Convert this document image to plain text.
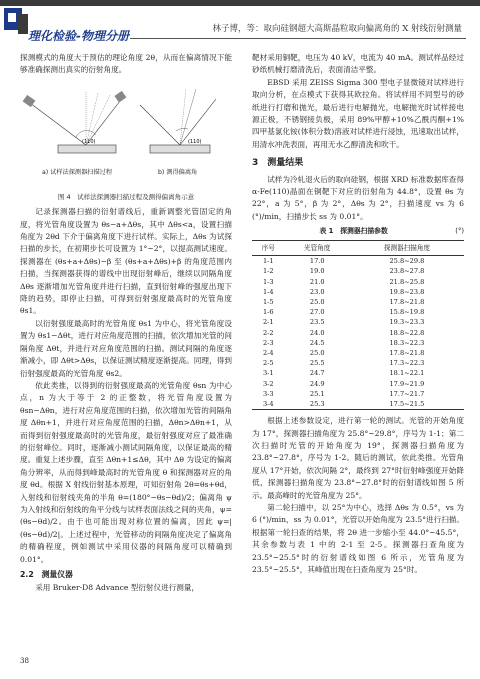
理化检验-物理分册	林子博，等：取向硅钢超大高斯晶粒取向偏离角的 X 射线衍射测量

探测模式的角度大于预估的理论角度 2θ，从而在偏离情况下能够准确探测出真实的衍射角度。

(110)	(110)
a) 试样法探测器扫描过程	b) 测得偏离角
图 4　试样法探测器扫描过程及测得偏离角示意

记录探测器扫描的衍射谱线后，重新调整光管固定的角度，将光管角度设置为 θs−a+Δθs，其中 Δθs<a，设置扫描角度为 2θd 下介于偏离角度下进行试样。实际上，Δθs 为试探扫描的步长，在初期步长可设置为 1°~2°，以提高测试速度。探测器在 (θs+a+Δθs)−β 至 (θs+a+Δθs)+β 的角度范围内扫描，当探测器获得的谱线中出现衍射峰后，继续以同隔角度 Δθs 逐渐增加光管角度并进行扫描，直到衍射峰的强度出现下降的趋势，即停止扫描，可得到衍射强度最高时的光管角度 θs1。

以衍射强度最高时的光管角度 θs1 为中心，将光管角度设置为 θs1−Δθt，进行对应角度范围的扫描，依次增加光管的间隔角度 Δθt，并进行对应角度范围的扫描。测试间隔的角度逐渐减小，即 Δθt>Δθs，以保证测试精度逐渐提高。同理，得到衍射强度最高的光管角度 θs2。

依此类推，以得到的衍射强度最高的光管角度 θsn 为中心点，n 为大于等于 2 的正整数，将光管角度设置为 θsn−Δθn，进行对应角度范围的扫描，依次增加光管的间隔角度 Δθn+1，并进行对应角度范围的扫描，Δθn>Δθn+1，从而得到衍射强度最高时的光管角度，最衍射强度对应了最准确的衍射峰位。同时，逐渐减小测试间隔角度，以保证最高的精度。重复上述步骤，直至 Δθn+1≤Δθ，其中 Δθ 为设定的偏离角分辨率，从而得到峰最高时的光管角度 θ 和探测器对应的角度 θd。根据 X 射线衍射基本原理，可知衍射角 2θ=θs+θd，入射线和衍射线夹角的半角 θ=(180°−θs−θd)/2；偏离角 ψ 为入射线和衍射线的角平分线与试样表面法线之间的夹角，ψ=(θs−θd)/2。由于也可能出现对称位置的偏离，因此 ψ=|(θs−θd)/2|。上述过程中，光管移动的间隔角度决定了偏离角的精确程度，例如测试中采用仪器的间隔角度可以精确到 0.01°。

2.2　测量仪器

采用 Bruker-D8 Advance 型衍射仪进行测量，

靶材采用铜靶，电压为 40 kV，电流为 40 mA。测试样品经过砂纸机械打磨清洗后，表面清洁平整。

EBSD 采用 ZEISS Sigma 300 型电子显微镜对试样进行取向分析，在点模式下获得其欧拉角。将试样用不同型号的砂纸进行打磨和抛光，最后进行电解抛光，电解抛光时试样接电源正极，不锈钢接负极，采用 89%甲醇+10%乙酰丙酮+1%四甲基氯化铵(体积分数)溶液对试样进行浸蚀，迅速取出试样，用清水冲洗表面，再用无水乙醇清洗和吹干。

3　测量结果

试样为冷轧退火后的取向硅钢，根据 XRD 标准数据库查得 α-Fe(110)晶面在铜靶下对应的衍射角为 44.8°，设置 θs 为 22°，a 为 5°，β 为 2°，Δθs 为 2°，扫描速度 vs 为 6 (°)/min，扫描步长 ss 为 0.01°。

表 1　探测器扫描参数	(°)
序号	光管角度	探测器扫描角度
1-1	17.0	25.8~29.8
1-2	19.0	23.8~27.8
1-3	21.0	21.8~25.8
1-4	23.0	19.8~23.8
1-5	25.0	17.8~21.8
1-6	27.0	15.8~19.8
2-1	23.5	19.3~23.3
2-2	24.0	18.8~22.8
2-3	24.5	18.3~22.3
2-4	25.0	17.8~21.8
2-5	25.5	17.3~22.3
3-1	24.7	18.1~22.1
3-2	24.9	17.9~21.9
3-3	25.1	17.7~21.7
3-4	25.3	17.5~21.5

根据上述参数设定，进行第一轮的测试。光管的开始角度为 17°，探测器扫描角度为 25.8°~29.8°，序号为 1-1；第二次扫描时光管的开始角度为 19°，探测器扫描角度为 23.8°~27.8°，序号为 1-2。随后的测试，依此类推。光管角度从 17°开始，依次间隔 2°，最终到 27°时衍射峰强度开始降低，探测器扫描角度为 23.8°~27.8°时的衍射谱线如图 5 所示。最高峰时的光管角度为 25°。

第二轮扫描中，以 25°为中心，选择 Δθs 为 0.5°，vs 为 6 (°)/min，ss 为 0.01°，光管以开始角度为 23.5°进行扫描。根据第一轮扫查的结果，将 2θ 进一步缩小至 44.0°~45.5°，其余参数与表 1 中的 2-1 至 2-5。探测器扫查角度为 23.5°~25.5°时的衍射谱线如图 6 所示，光管角度为 23.5°~25.5°，其峰值出现在扫查角度为 25°时。

38
